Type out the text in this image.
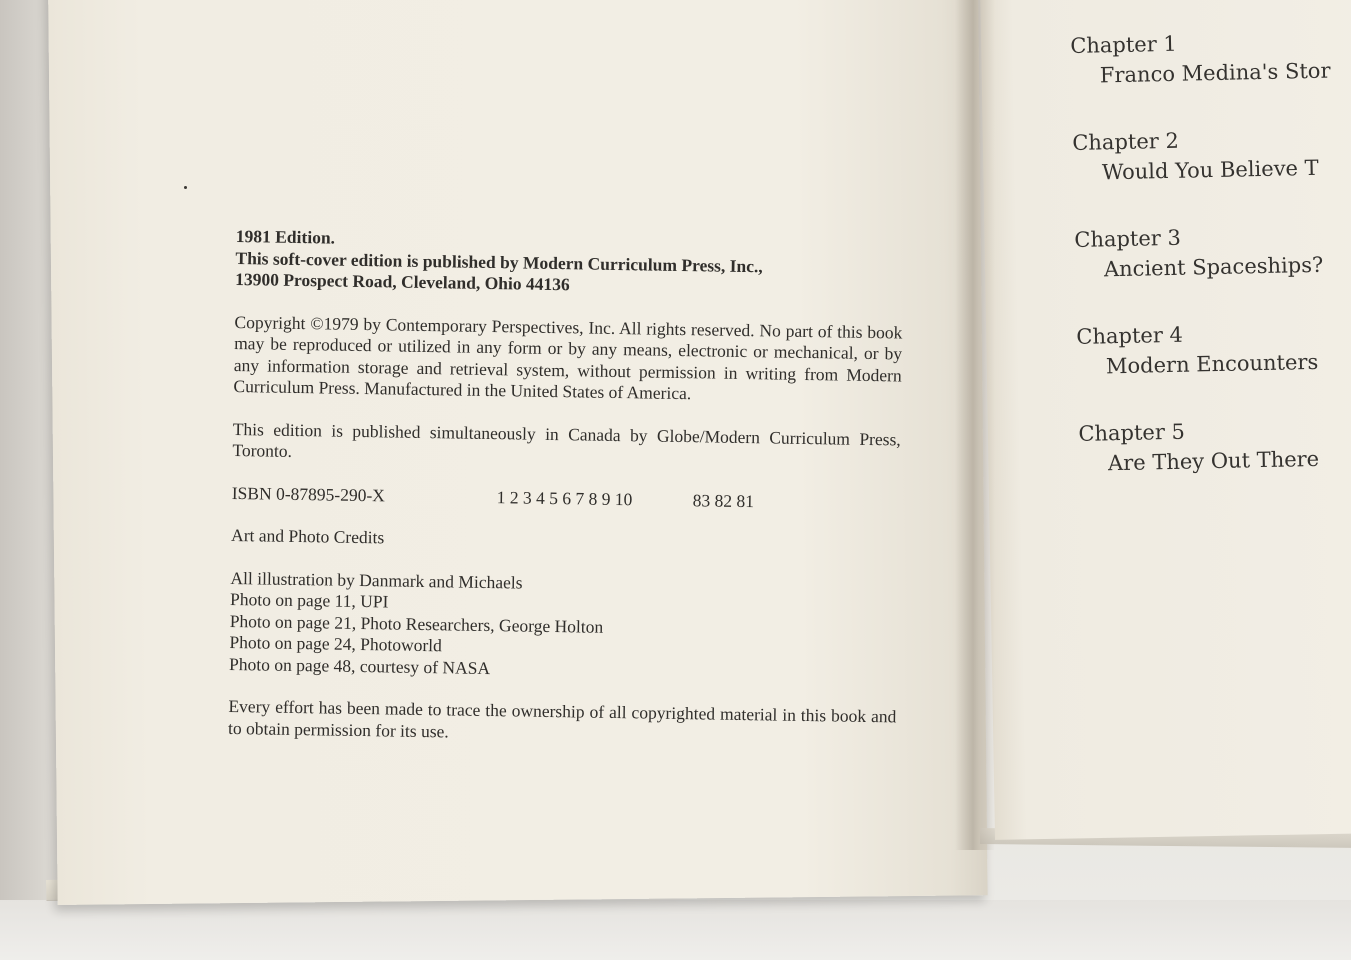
1981 Edition.

This soft-cover edition is published by Modern Curriculum Press, Inc.,

13900 Prospect Road, Cleveland, Ohio 44136

Copyright ©1979 by Contemporary Perspectives, Inc. All rights reserved. No part of this book may be reproduced or utilized in any form or by any means, electronic or mechanical, or by any information storage and retrieval system, without permission in writing from Modern Curriculum Press. Manufactured in the United States of America.

This edition is published simultaneously in Canada by Globe/Modern Curriculum Press, Toronto.

ISBN 0-87895-290-X	1 2 3 4 5 6 7 8 9 10	83 82 81

Art and Photo Credits

All illustration by Danmark and Michaels

Photo on page 11, UPI

Photo on page 21, Photo Researchers, George Holton

Photo on page 24, Photoworld

Photo on page 48, courtesy of NASA

Every effort has been made to trace the ownership of all copyrighted material in this book and to obtain permission for its use.

Chapter 1
Franco Medina's Stor
Chapter 2
Would You Believe T
Chapter 3
Ancient Spaceships?
Chapter 4
Modern Encounters
Chapter 5
Are They Out There
